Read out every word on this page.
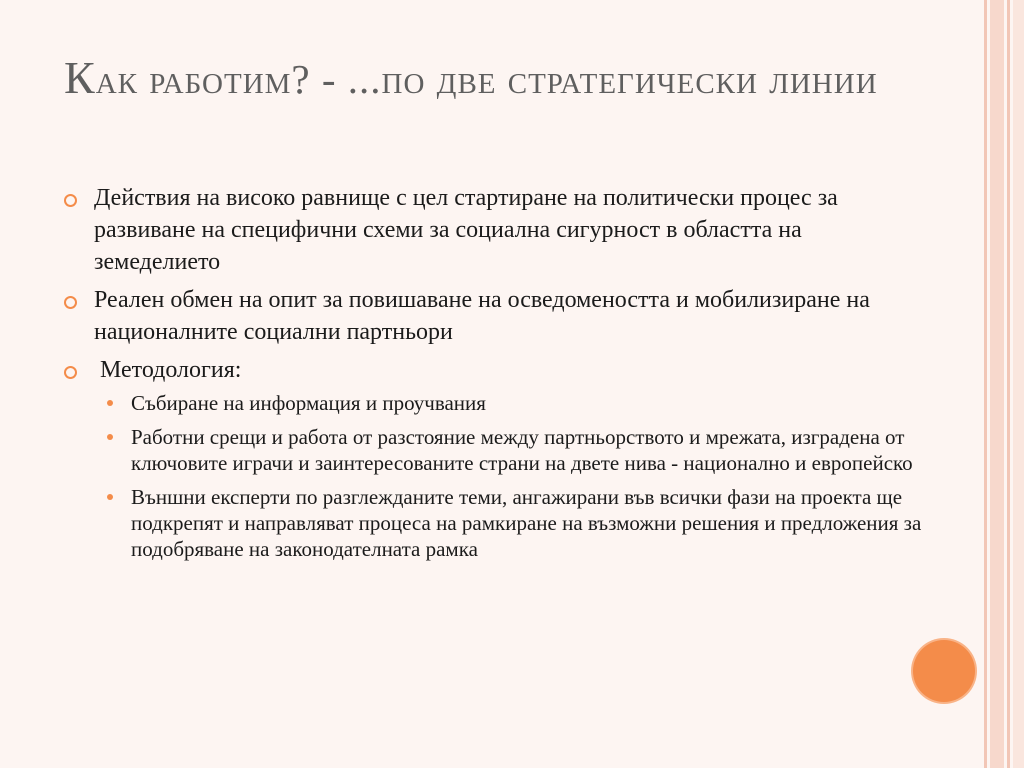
Как работим? - ...по две стратегически линии
Действия на високо равнище с цел стартиране на политически процес за развиване на специфични схеми за социална сигурност в областта на земеделието
Реален обмен на опит за повишаване на осведомеността и мобилизиране на националните социални партньори
Методология:
Събиране на информация и проучвания
Работни срещи и работа от разстояние между партньорството и мрежата, изградена от ключовите играчи и заинтересованите страни на двете нива - национално и европейско
Външни експерти по разглежданите теми, ангажирани във всички фази на проекта ще подкрепят и направляват процеса на рамкиране на възможни решения и предложения за подобряване на законодателната рамка
